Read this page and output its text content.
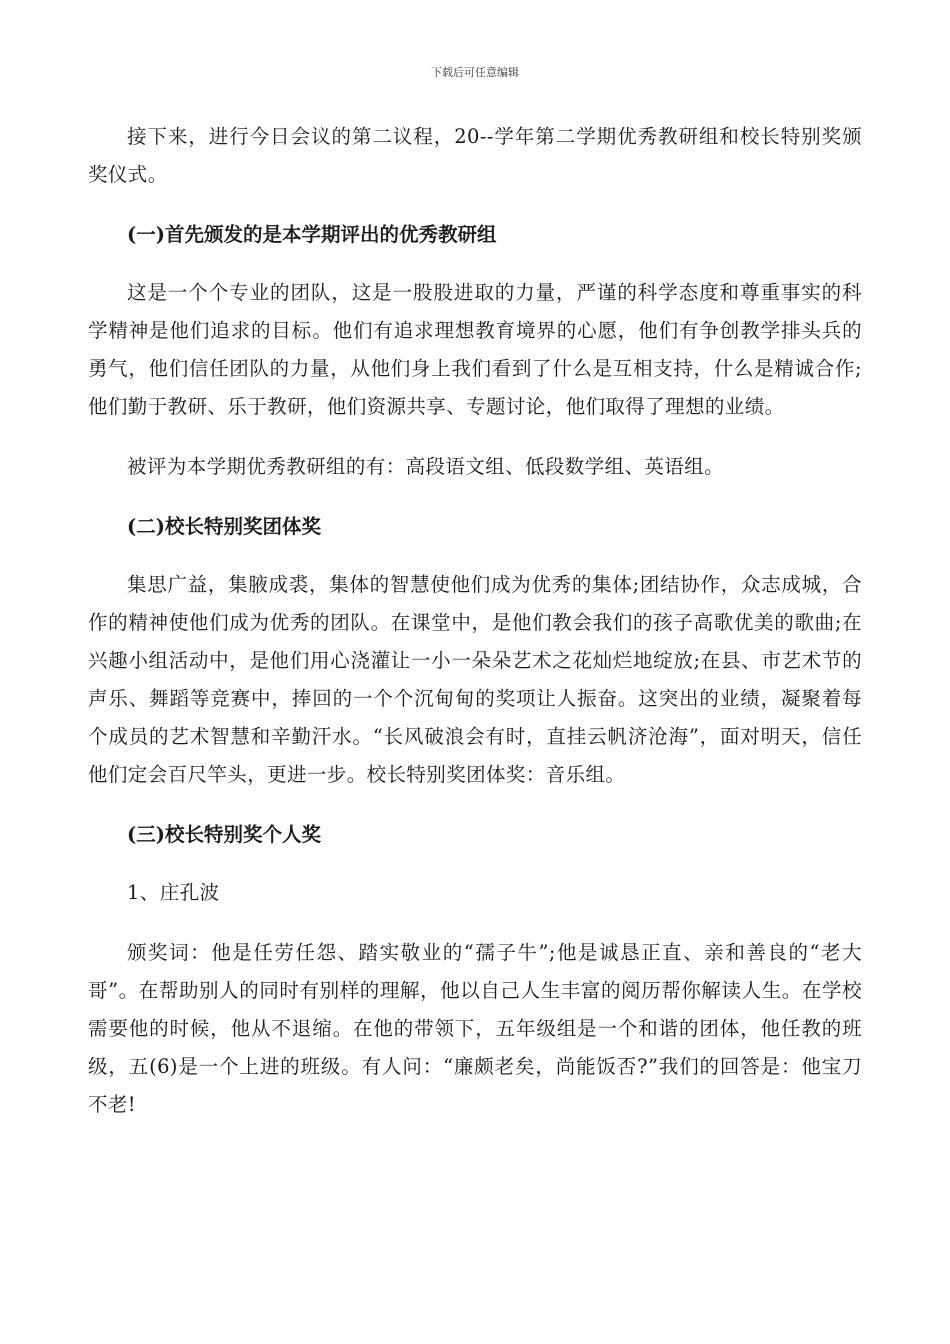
下载后可任意编辑

接下来，进行今日会议的第二议程，20--学年第二学期优秀教研组和校长特别奖颁奖仪式。

(一)首先颁发的是本学期评出的优秀教研组

这是一个个专业的团队，这是一股股进取的力量，严谨的科学态度和尊重事实的科学精神是他们追求的目标。他们有追求理想教育境界的心愿，他们有争创教学排头兵的勇气，他们信任团队的力量，从他们身上我们看到了什么是互相支持，什么是精诚合作;他们勤于教研、乐于教研，他们资源共享、专题讨论，他们取得了理想的业绩。

被评为本学期优秀教研组的有：高段语文组、低段数学组、英语组。

(二)校长特别奖团体奖

集思广益，集腋成裘，集体的智慧使他们成为优秀的集体;团结协作，众志成城，合作的精神使他们成为优秀的团队。在课堂中，是他们教会我们的孩子高歌优美的歌曲;在兴趣小组活动中，是他们用心浇灌让一小一朵朵艺术之花灿烂地绽放;在县、市艺术节的声乐、舞蹈等竞赛中，捧回的一个个沉甸甸的奖项让人振奋。这突出的业绩，凝聚着每个成员的艺术智慧和辛勤汗水。“长风破浪会有时，直挂云帆济沧海”，面对明天，信任他们定会百尺竿头，更进一步。校长特别奖团体奖：音乐组。

(三)校长特别奖个人奖

1、庄孔波

颁奖词：他是任劳任怨、踏实敬业的“孺子牛”;他是诚恳正直、亲和善良的“老大哥”。在帮助别人的同时有别样的理解，他以自己人生丰富的阅历帮你解读人生。在学校需要他的时候，他从不退缩。在他的带领下，五年级组是一个和谐的团体，他任教的班级，五(6)是一个上进的班级。有人问：“廉颇老矣，尚能饭否?”我们的回答是：他宝刀不老!
